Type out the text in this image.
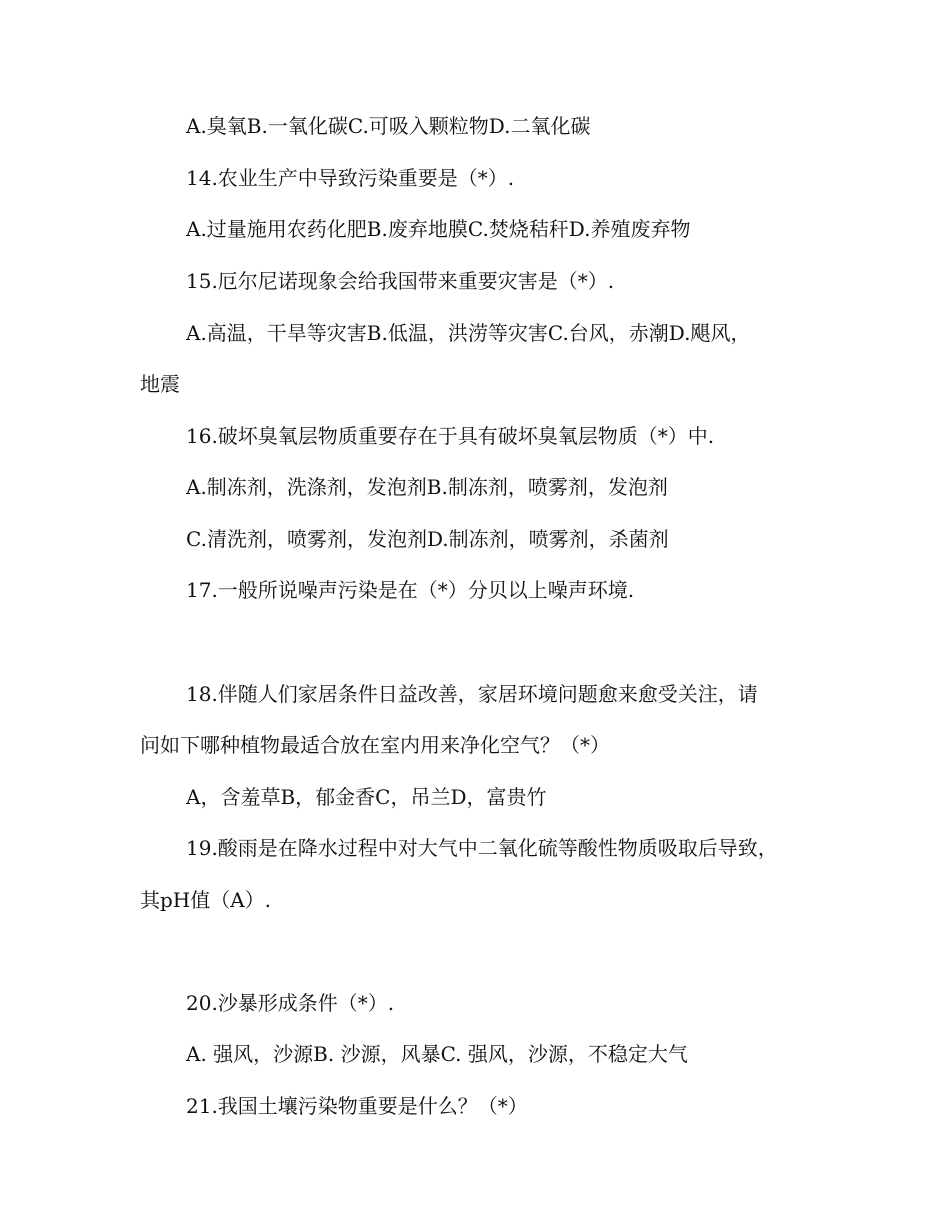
A.臭氧B.一氧化碳C.可吸入颗粒物D.二氧化碳
14.农业生产中导致污染重要是（*）.
A.过量施用农药化肥B.废弃地膜C.焚烧秸秆D.养殖废弃物
15.厄尔尼诺现象会给我国带来重要灾害是（*）.
A.高温，干旱等灾害B.低温，洪涝等灾害C.台风，赤潮D.飓风，
地震
16.破坏臭氧层物质重要存在于具有破坏臭氧层物质（*）中.
A.制冻剂，洗涤剂，发泡剂B.制冻剂，喷雾剂，发泡剂
C.清洗剂，喷雾剂，发泡剂D.制冻剂，喷雾剂，杀菌剂
17.一般所说噪声污染是在（*）分贝以上噪声环境.
18.伴随人们家居条件日益改善，家居环境问题愈来愈受关注，请
问如下哪种植物最适合放在室内用来净化空气？（*）
A，含羞草B，郁金香C，吊兰D，富贵竹
19.酸雨是在降水过程中对大气中二氧化硫等酸性物质吸取后导致，
其pH值（A）.
20.沙暴形成条件（*）.
A. 强风，沙源B. 沙源，风暴C. 强风，沙源，不稳定大气
21.我国土壤污染物重要是什么？（*）
